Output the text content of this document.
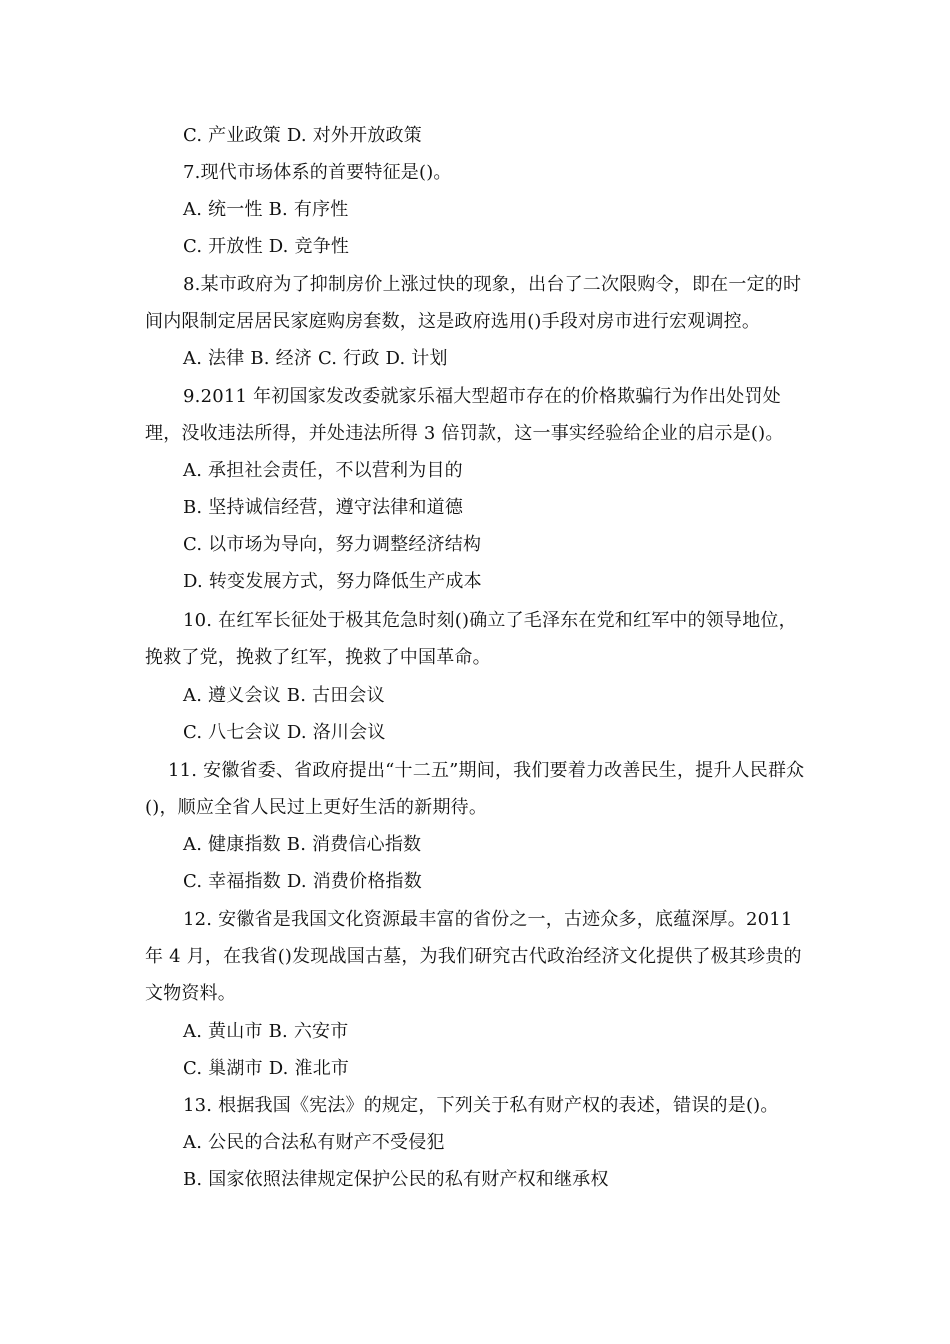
C. 产业政策 D. 对外开放政策
7.现代市场体系的首要特征是()。
A. 统一性 B. 有序性
C. 开放性 D. 竞争性
8.某市政府为了抑制房价上涨过快的现象，出台了二次限购令，即在一定的时间内限制定居居民家庭购房套数，这是政府选用()手段对房市进行宏观调控。
A. 法律 B. 经济 C. 行政 D. 计划
9.2011 年初国家发改委就家乐福大型超市存在的价格欺骗行为作出处罚处理，没收违法所得，并处违法所得 3 倍罚款，这一事实经验给企业的启示是()。
A. 承担社会责任，不以营利为目的
B. 坚持诚信经营，遵守法律和道德
C. 以市场为导向，努力调整经济结构
D. 转变发展方式，努力降低生产成本
10. 在红军长征处于极其危急时刻()确立了毛泽东在党和红军中的领导地位，挽救了党，挽救了红军，挽救了中国革命。
A. 遵义会议 B. 古田会议
C. 八七会议 D. 洛川会议
11. 安徽省委、省政府提出“十二五”期间，我们要着力改善民生，提升人民群众()，顺应全省人民过上更好生活的新期待。
A. 健康指数 B. 消费信心指数
C. 幸福指数 D. 消费价格指数
12. 安徽省是我国文化资源最丰富的省份之一，古迹众多，底蕴深厚。2011 年 4 月，在我省()发现战国古墓，为我们研究古代政治经济文化提供了极其珍贵的文物资料。
A. 黄山市 B. 六安市
C. 巢湖市 D. 淮北市
13. 根据我国《宪法》的规定，下列关于私有财产权的表述，错误的是()。
A. 公民的合法私有财产不受侵犯
B. 国家依照法律规定保护公民的私有财产权和继承权
